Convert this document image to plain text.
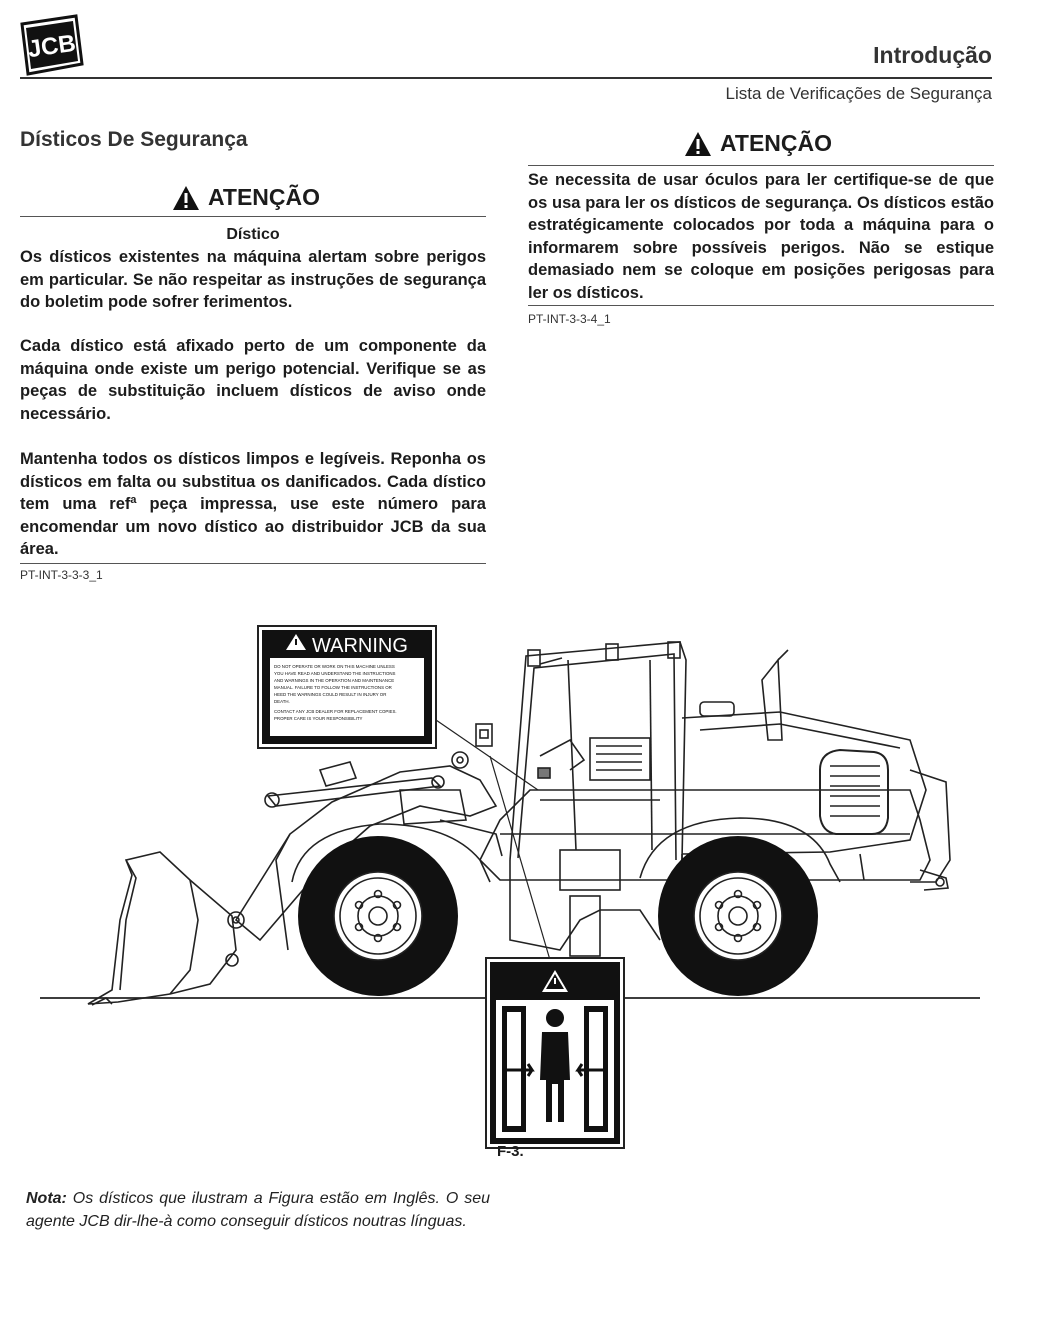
JCB	Introdução
Lista de Verificações de Segurança
Dísticos De Segurança
ATENÇÃO
Dístico
Os dísticos existentes na máquina alertam sobre perigos em particular. Se não respeitar as instruções de segurança do boletim pode sofrer ferimentos.
Cada dístico está afixado perto de um componente da máquina onde existe um perigo potencial. Verifique se as peças de substituição incluem dísticos de aviso onde necessário.
Mantenha todos os dísticos limpos e legíveis. Reponha os dísticos em falta ou substitua os danificados. Cada dístico tem uma refª peça impressa, use este número para encomendar um novo dístico ao distribuidor JCB da sua área.
PT-INT-3-3-3_1
ATENÇÃO
Se necessita de usar óculos para ler certifique-se de que os usa para ler os dísticos de segurança. Os dísticos estão estratégicamente colocados por toda a máquina para o informarem sobre possíveis perigos. Não se estique demasiado nem se coloque em posições perigosas para ler os dísticos.
PT-INT-3-3-4_1
WARNING
DO NOT OPERATE OR WORK ON THIS MACHINE UNLESS
YOU HAVE READ AND UNDERSTAND THE INSTRUCTIONS
AND WARNINGS IN THE OPERATION AND MAINTENANCE
MANUAL. FAILURE TO FOLLOW THE INSTRUCTIONS OR
HEED THE WARNINGS COULD RESULT IN INJURY OR
DEATH.
CONTACT ANY JCB DEALER FOR REPLACEMENT COPIES.
PROPER CARE IS YOUR RESPONSIBILITY
F-3.
Nota: Os dísticos que ilustram a Figura estão em Inglês. O seu agente JCB dir-lhe-à como conseguir dísticos noutras línguas.
